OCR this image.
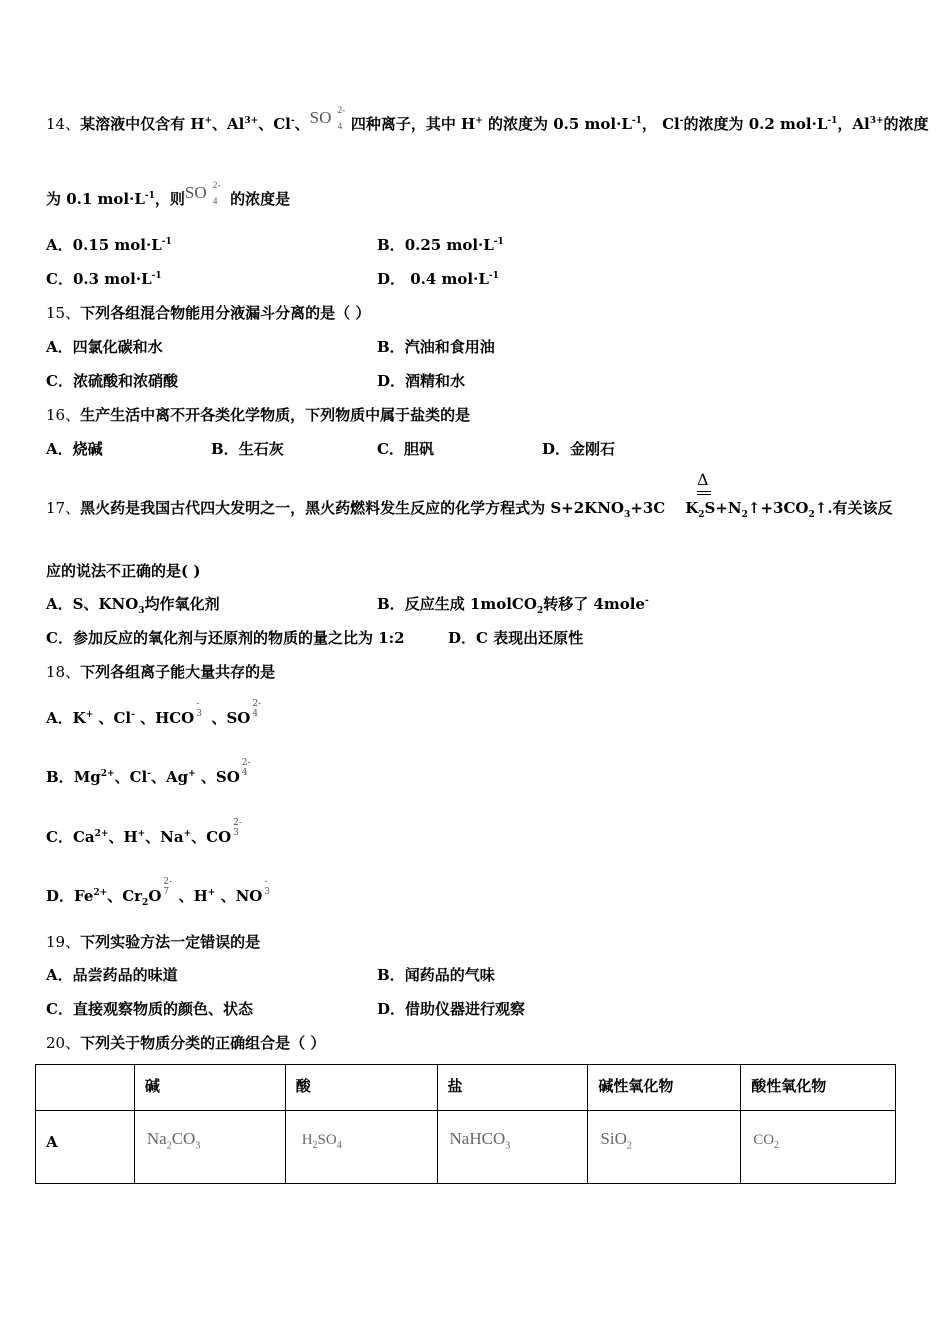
14、某溶液中仅含有 H+、$Al^{3+}$、Cl-、SO 2-
4 四种离子，其中 H+ 的浓度为 0.5 $mol\cdot L^{-1}$， Cl-的浓度为 0.2 $mol\cdot L^{-1}$，$Al^{3+}$的浓度
为 0.1 $mol\cdot L^{-1}$，则SO 2-
4 的浓度是
A．0.15 $mol\cdot L^{-1}$	B．0.25 $mol\cdot L^{-1}$
C．0.3 $mol\cdot L^{-1}$	D． 0.4 $mol\cdot L^{-1}$
15、下列各组混合物能用分液漏斗分离的是（ ）
A．四氯化碳和水	B．汽油和食用油
C．浓硫酸和浓硝酸	D．酒精和水
16、生产生活中离不开各类化学物质，下列物质中属于盐类的是
A．烧碱	B．生石灰	C．胆矾	D．金刚石
Δ
17、黑火药是我国古代四大发明之一，黑火药燃料发生反应的化学方程式为 $S+2KNO_3+3C$ $K_2S+N_2↑+3CO_2↑$.有关该反
应的说法不正确的是( )
A．S、$KNO_3$均作氧化剂	B．反应生成 1molCO$_2$转移了 4mole-
C．参加反应的氧化剂与还原剂的物质的量之比为 1:2	D．C 表现出还原性
18、下列各组离子能大量共存的是
A．K+ 、Cl- 、HCO
-
3 、SO
2-
4
B．$Mg^{2+}$、Cl-、Ag+ 、SO
2-
4
C．$Ca^{2+}$、H+、Na+、CO
2-
3
D．$Fe^{2+}$、$Cr_2O$
2-
7 、H+ 、NO
-
3
19、下列实验方法一定错误的是
A．品尝药品的味道	B．闻药品的气味
C．直接观察物质的颜色、状态	D．借助仪器进行观察
20、下列关于物质分类的正确组合是（ ）
	碱	酸	盐	碱性氧化物	酸性氧化物
A	$Na_2CO_3$	$H_2SO_4$	NaHCO$_3$	SiO$_2$	$CO_2$
